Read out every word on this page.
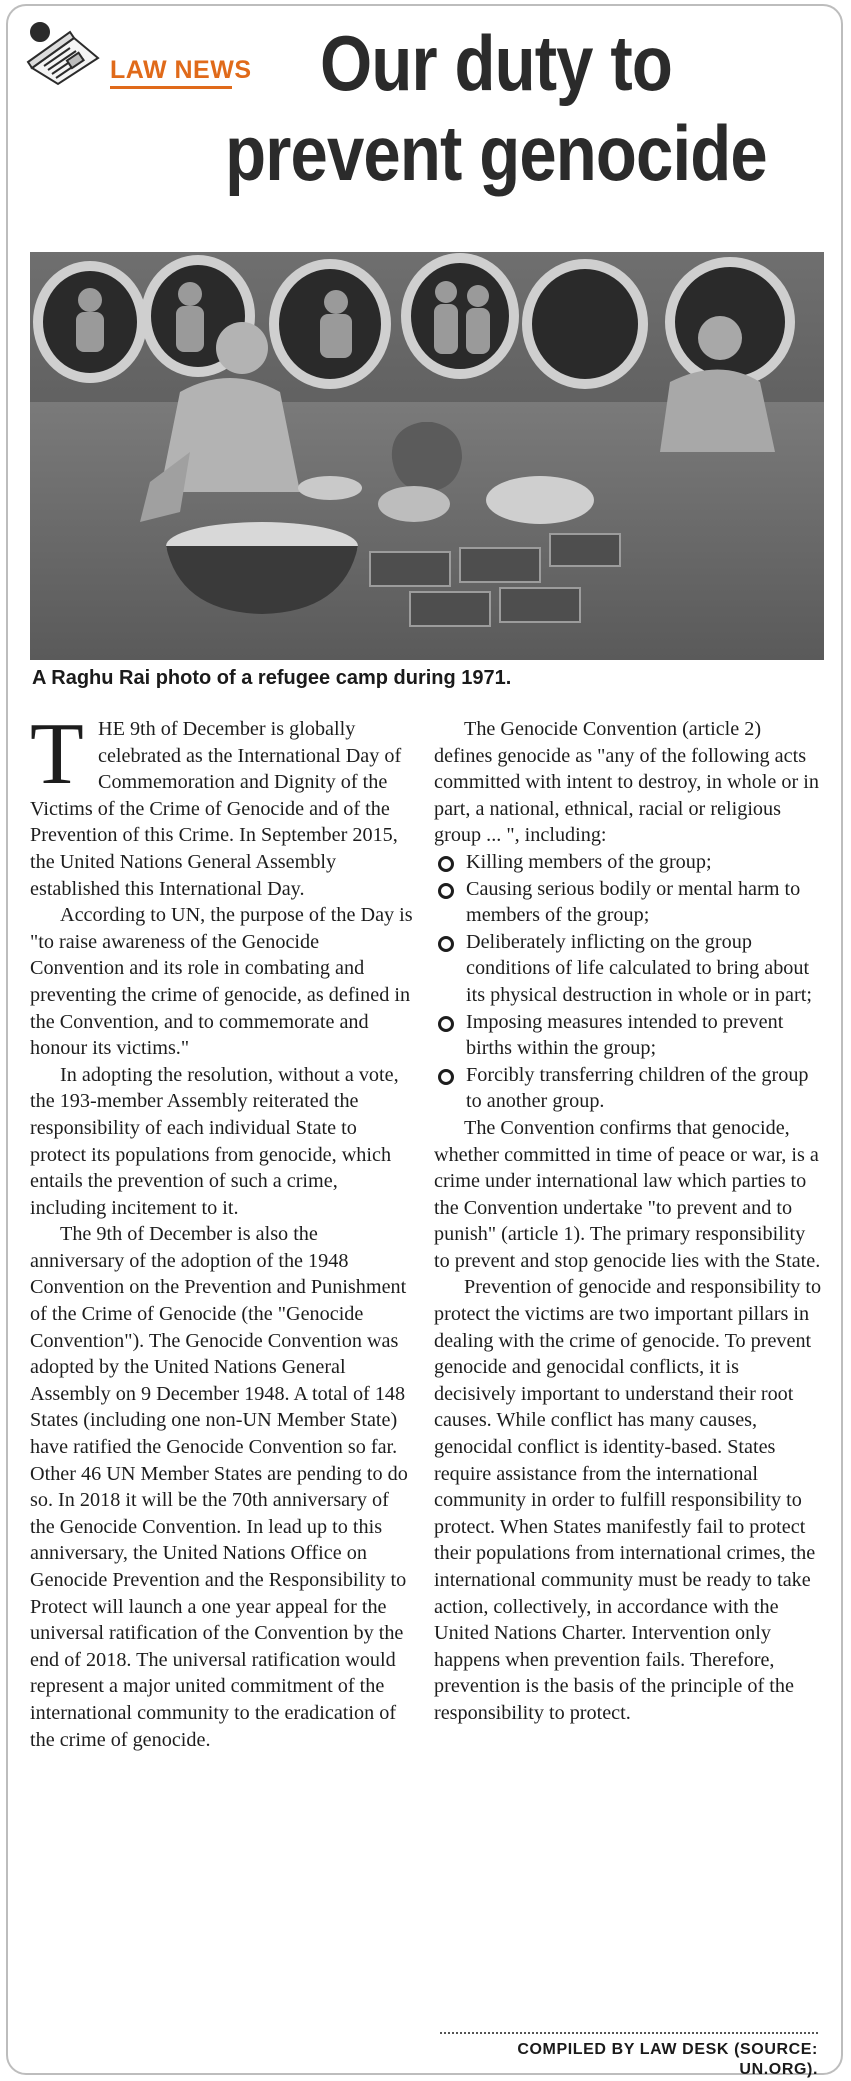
LAW NEWS Our duty to prevent genocide
A Raghu Rai photo of a refugee camp during 1971.
T HE 9th of December is globally celebrated as the International Day of Commemoration and Dignity of the Victims of the Crime of Genocide and of the Prevention of this Crime. In September 2015, the United Nations General Assembly established this International Day.

According to UN, the purpose of the Day is "to raise awareness of the Genocide Convention and its role in combating and preventing the crime of genocide, as defined in the Convention, and to commemorate and honour its victims."

In adopting the resolution, without a vote, the 193-member Assembly reiterated the responsibility of each individual State to protect its populations from genocide, which entails the prevention of such a crime, including incitement to it.

The 9th of December is also the anniversary of the adoption of the 1948 Convention on the Prevention and Punishment of the Crime of Genocide (the "Genocide Convention"). The Genocide Convention was adopted by the United Nations General Assembly on 9 December 1948. A total of 148 States (including one non-UN Member State) have ratified the Genocide Convention so far. Other 46 UN Member States are pending to do so. In 2018 it will be the 70th anniversary of the Genocide Convention. In lead up to this anniversary, the United Nations Office on Genocide Prevention and the Responsibility to Protect will launch a one year appeal for the universal ratification of the Convention by the end of 2018. The universal ratification would represent a major united commitment of the international community to the eradication of the crime of genocide.

The Genocide Convention (article 2) defines genocide as "any of the following acts committed with intent to destroy, in whole or in part, a national, ethnical, racial or religious group ... ", including:

Killing members of the group;
Causing serious bodily or mental harm to members of the group;
Deliberately inflicting on the group conditions of life calculated to bring about its physical destruction in whole or in part;
Imposing measures intended to prevent births within the group;
Forcibly transferring children of the group to another group.

The Convention confirms that genocide, whether committed in time of peace or war, is a crime under international law which parties to the Convention undertake "to prevent and to punish" (article 1). The primary responsibility to prevent and stop genocide lies with the State.

Prevention of genocide and responsibility to protect the victims are two important pillars in dealing with the crime of genocide. To prevent genocide and genocidal conflicts, it is decisively important to understand their root causes. While conflict has many causes, genocidal conflict is identity-based. States require assistance from the international community in order to fulfill responsibility to protect. When States manifestly fail to protect their populations from international crimes, the international community must be ready to take action, collectively, in accordance with the United Nations Charter. Intervention only happens when prevention fails. Therefore, prevention is the basis of the principle of the responsibility to protect.

COMPILED BY LAW DESK (SOURCE: UN.ORG).
